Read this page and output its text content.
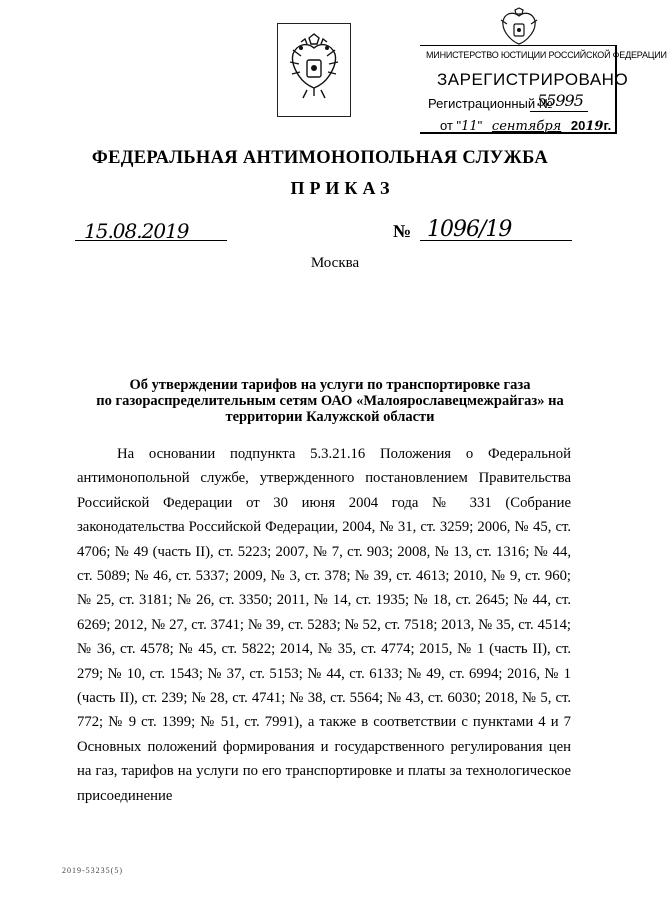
МИНИСТЕРСТВО ЮСТИЦИИ РОССИЙСКОЙ ФЕДЕРАЦИИ
ЗАРЕГИСТРИРОВАНО
Регистрационный №
55995
от "11" сентября 2019г.
ФЕДЕРАЛЬНАЯ АНТИМОНОПОЛЬНАЯ СЛУЖБА
ПРИКАЗ
15.08.2019	№ 1096/19
Москва
Об утверждении тарифов на услуги по транспортировке газа
по газораспределительным сетям ОАО «Малоярославецмежрайгаз» на
территории Калужской области

На основании подпункта 5.3.21.16 Положения о Федеральной антимонопольной службе, утвержденного постановлением Правительства Российской Федерации от 30 июня 2004 года № 331 (Собрание законодательства Российской Федерации, 2004, № 31, ст. 3259; 2006, № 45, ст. 4706; № 49 (часть II), ст. 5223; 2007, № 7, ст. 903; 2008, № 13, ст. 1316; № 44, ст. 5089; № 46, ст. 5337; 2009, № 3, ст. 378; № 39, ст. 4613; 2010, № 9, ст. 960; № 25, ст. 3181; № 26, ст. 3350; 2011, № 14, ст. 1935; № 18, ст. 2645; № 44, ст. 6269; 2012, № 27, ст. 3741; № 39, ст. 5283; № 52, ст. 7518; 2013, № 35, ст. 4514; № 36, ст. 4578; № 45, ст. 5822; 2014, № 35, ст. 4774; 2015, № 1 (часть II), ст. 279; № 10, ст. 1543; № 37, ст. 5153; № 44, ст. 6133; № 49, ст. 6994; 2016, № 1 (часть II), ст. 239; № 28, ст. 4741; № 38, ст. 5564; № 43, ст. 6030; 2018, № 5, ст. 772; № 9 ст. 1399; № 51, ст. 7991), а также в соответствии с пунктами 4 и 7 Основных положений формирования и государственного регулирования цен на газ, тарифов на услуги по его транспортировке и платы за технологическое присоединение

2019-53235(5)
